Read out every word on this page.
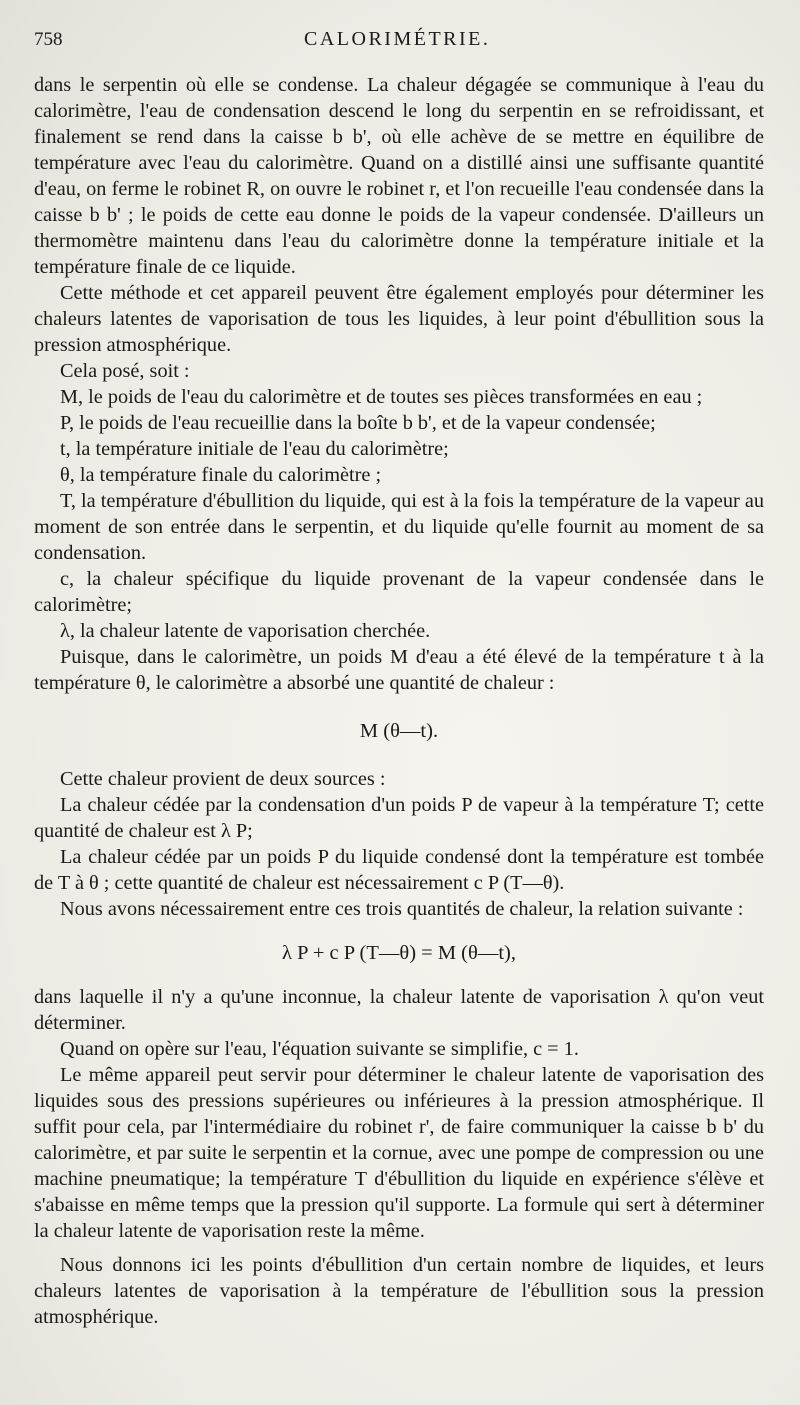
758	CALORIMÉTRIE.

dans le serpentin où elle se condense. La chaleur dégagée se communique à l'eau du calorimètre, l'eau de condensation descend le long du serpentin en se refroidissant, et finalement se rend dans la caisse b b', où elle achève de se mettre en équilibre de température avec l'eau du calorimètre. Quand on a distillé ainsi une suffisante quantité d'eau, on ferme le robinet R, on ouvre le robinet r, et l'on recueille l'eau condensée dans la caisse b b' ; le poids de cette eau donne le poids de la vapeur condensée. D'ailleurs un thermomètre maintenu dans l'eau du calorimètre donne la température initiale et la température finale de ce liquide.

Cette méthode et cet appareil peuvent être également employés pour déterminer les chaleurs latentes de vaporisation de tous les liquides, à leur point d'ébullition sous la pression atmosphérique.

Cela posé, soit :

M, le poids de l'eau du calorimètre et de toutes ses pièces transformées en eau ;

P, le poids de l'eau recueillie dans la boîte b b', et de la vapeur condensée;

t, la température initiale de l'eau du calorimètre;

θ, la température finale du calorimètre ;

T, la température d'ébullition du liquide, qui est à la fois la température de la vapeur au moment de son entrée dans le serpentin, et du liquide qu'elle fournit au moment de sa condensation.

c, la chaleur spécifique du liquide provenant de la vapeur condensée dans le calorimètre;

λ, la chaleur latente de vaporisation cherchée.

Puisque, dans le calorimètre, un poids M d'eau a été élevé de la température t à la température θ, le calorimètre a absorbé une quantité de chaleur :

M (θ—t).

Cette chaleur provient de deux sources :

La chaleur cédée par la condensation d'un poids P de vapeur à la température T; cette quantité de chaleur est λ P;

La chaleur cédée par un poids P du liquide condensé dont la température est tombée de T à θ ; cette quantité de chaleur est nécessairement c P (T—θ).

Nous avons nécessairement entre ces trois quantités de chaleur, la relation suivante :

λ P + c P (T—θ) = M (θ—t),

dans laquelle il n'y a qu'une inconnue, la chaleur latente de vaporisation λ qu'on veut déterminer.

Quand on opère sur l'eau, l'équation suivante se simplifie, c = 1.

Le même appareil peut servir pour déterminer le chaleur latente de vaporisation des liquides sous des pressions supérieures ou inférieures à la pression atmosphérique. Il suffit pour cela, par l'intermédiaire du robinet r', de faire communiquer la caisse b b' du calorimètre, et par suite le serpentin et la cornue, avec une pompe de compression ou une machine pneumatique; la température T d'ébullition du liquide en expérience s'élève et s'abaisse en même temps que la pression qu'il supporte. La formule qui sert à déterminer la chaleur latente de vaporisation reste la même.

Nous donnons ici les points d'ébullition d'un certain nombre de liquides, et leurs chaleurs latentes de vaporisation à la température de l'ébullition sous la pression atmosphérique.
